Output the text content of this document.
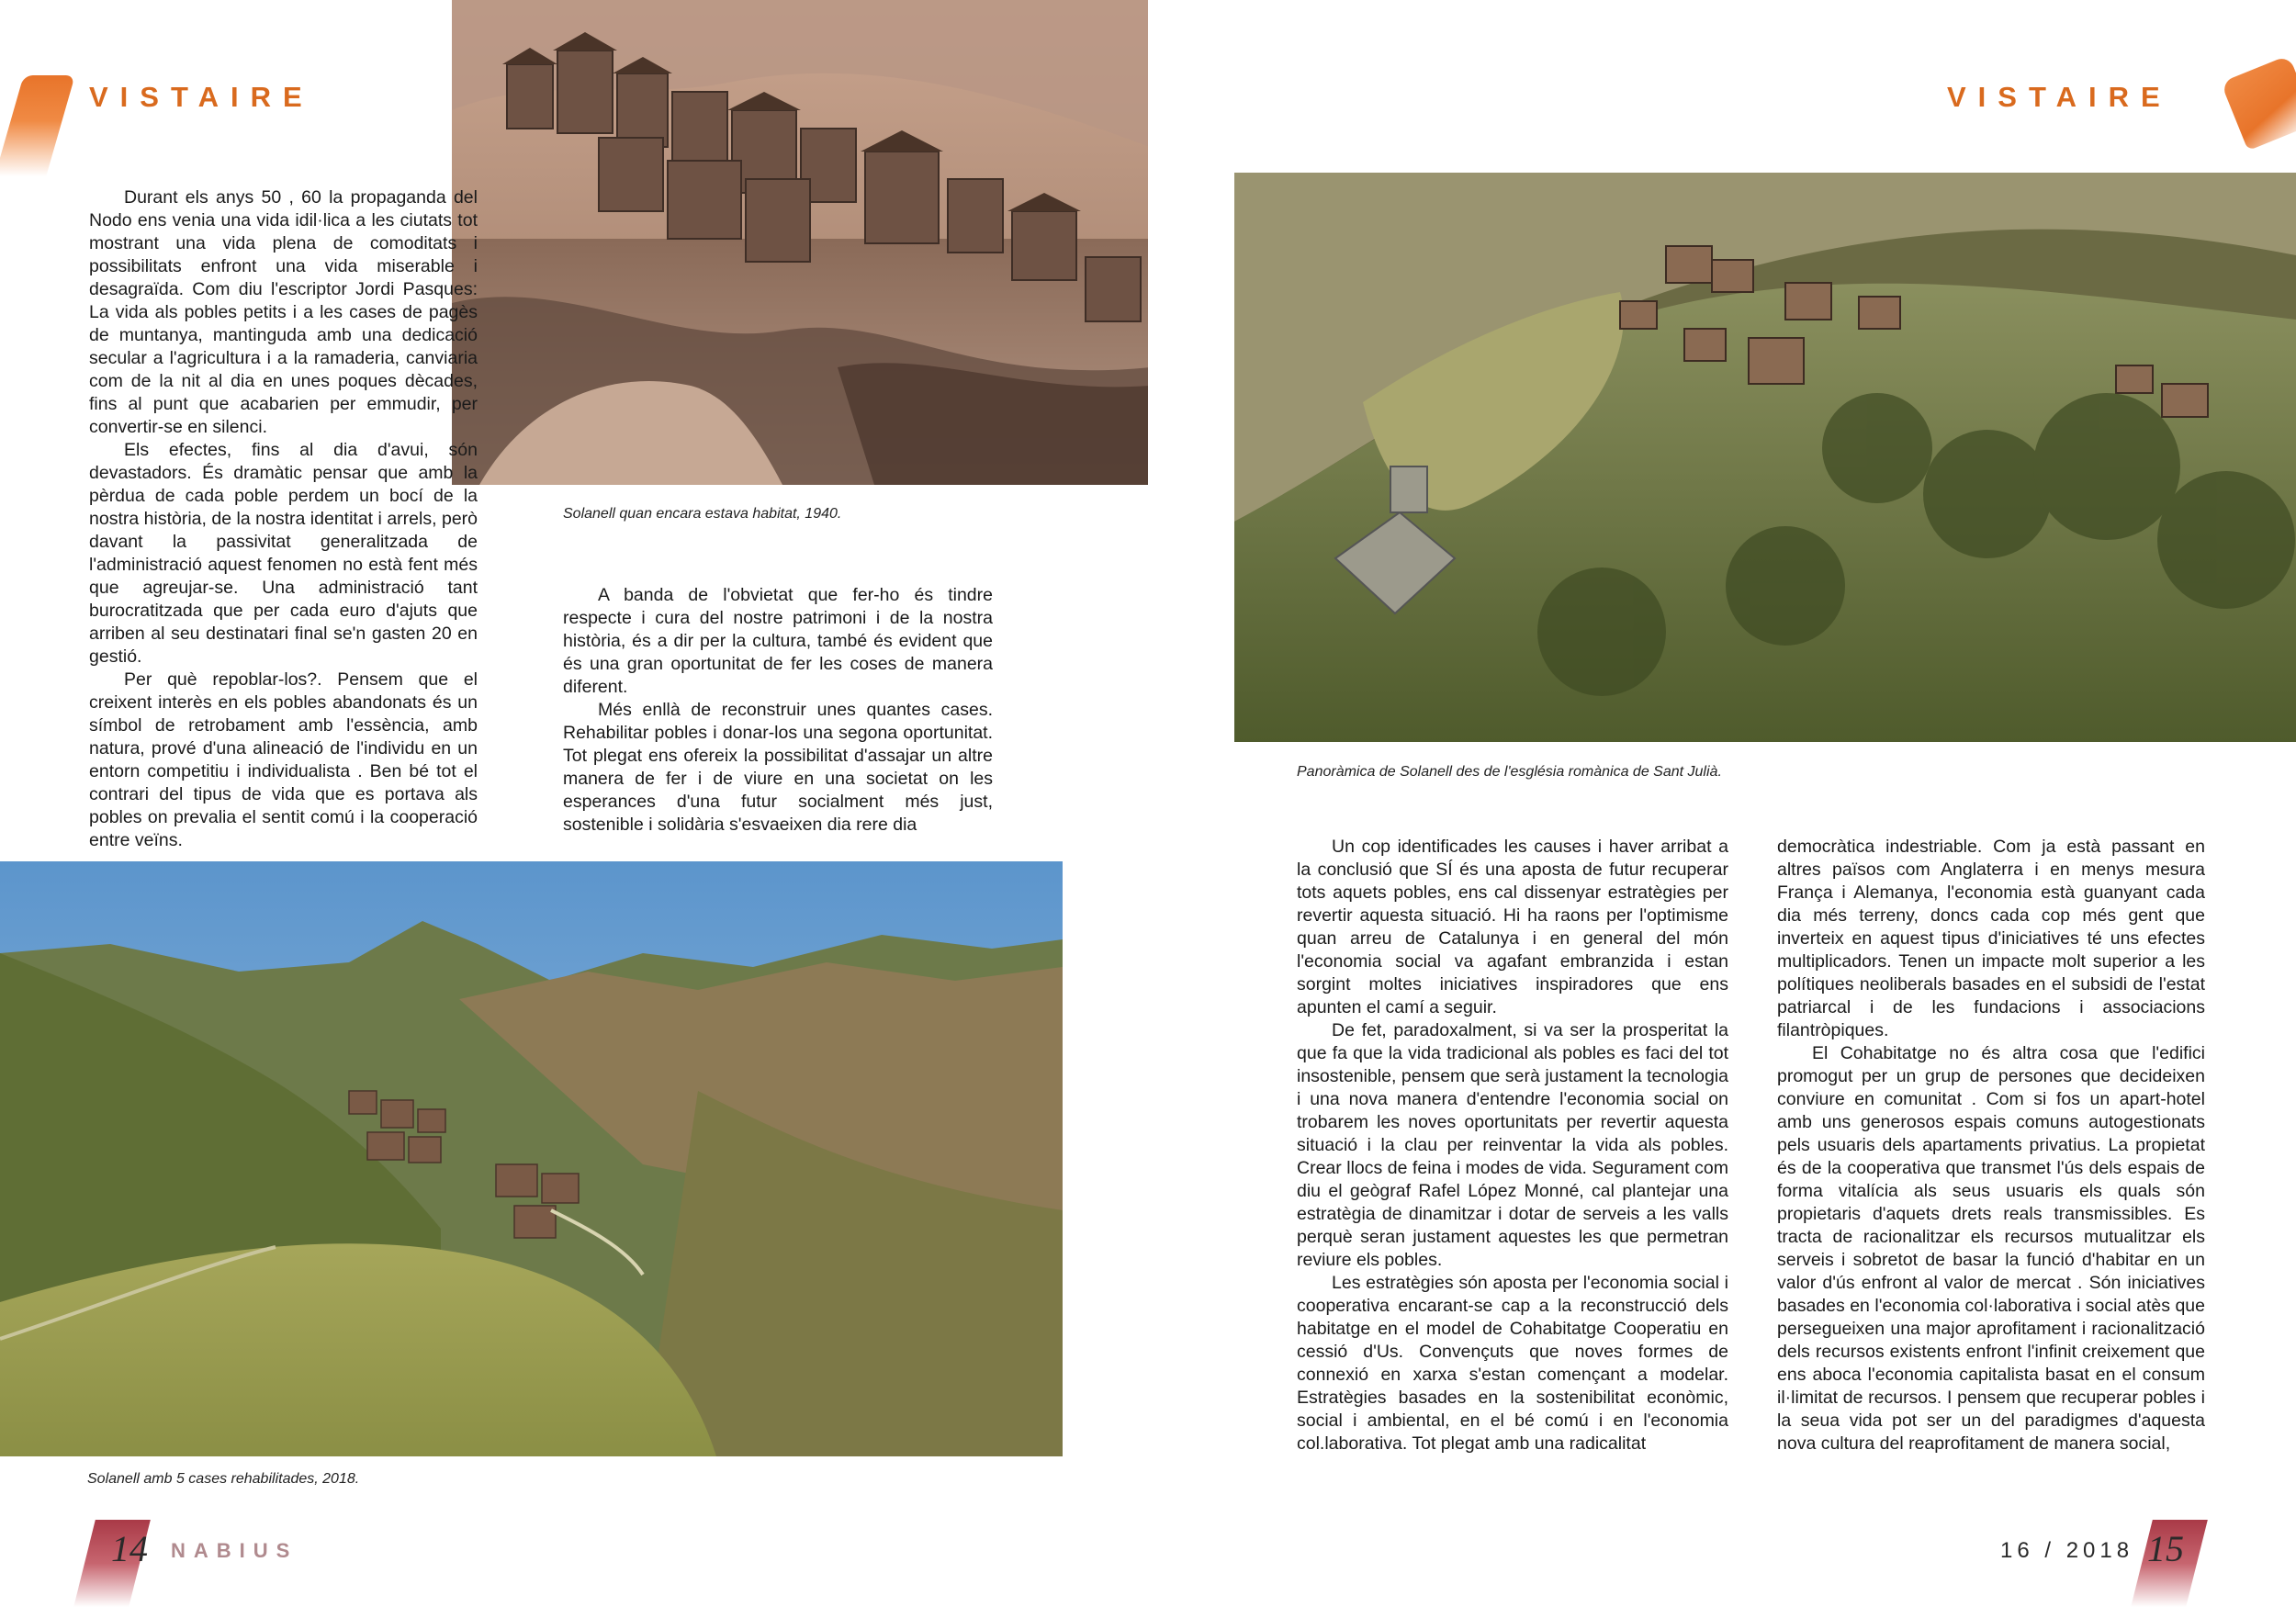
VISTAIRE
Solanell quan encara estava habitat, 1940.

Durant els anys 50 , 60 la propaganda del Nodo ens venia una vida idil·lica a les ciutats tot mostrant una vida plena de comoditats i possibilitats enfront una vida miserable i desagraïda. Com diu l'escriptor Jordi Pasques: La vida als pobles petits i a les cases de pagès de muntanya, mantinguda amb una dedicació secular a l'agricultura i a la ramaderia, canviaria com de la nit al dia en unes poques dècades, fins al punt que acabarien per emmudir, per convertir-se en silenci.

Els efectes, fins al dia d'avui, són devastadors. És dramàtic pensar que amb la pèrdua de cada poble perdem un bocí de la nostra història, de la nostra identitat i arrels, però davant la passivitat generalitzada de l'administració aquest fenomen no està fent més que agreujar-se. Una administració tant burocratitzada que per cada euro d'ajuts que arriben al seu destinatari final se'n gasten 20 en gestió.

Per què repoblar-los?. Pensem que el creixent interès en els pobles abandonats és un símbol de retrobament amb l'essència, amb natura, prové d'una alineació de l'individu en un entorn competitiu i individualista . Ben bé tot el contrari del tipus de vida que es portava als pobles on prevalia el sentit comú i la cooperació entre veïns.

A banda de l'obvietat que fer-ho és tindre respecte i cura del nostre patrimoni i de la nostra història, és a dir per la cultura, també és evident que és una gran oportunitat de fer les coses de manera diferent.

Més enllà de reconstruir unes quantes cases. Rehabilitar pobles i donar-los una segona oportunitat. Tot plegat ens ofereix la possibilitat d'assajar un altre manera de fer i de viure en una societat on les esperances d'una futur socialment més just, sostenible i solidària s'esvaeixen dia rere dia

Solanell amb 5 cases rehabilitades, 2018.
14 NABIUS
VISTAIRE
Panoràmica de Solanell des de l'església romànica de Sant Julià.

Un cop identificades les causes i haver arribat a la conclusió que SÍ és una aposta de futur recuperar tots aquets pobles, ens cal dissenyar estratègies per revertir aquesta situació. Hi ha raons per l'optimisme quan arreu de Catalunya i en general del món l'economia social va agafant embranzida i estan sorgint moltes iniciatives inspiradores que ens apunten el camí a seguir.

De fet, paradoxalment, si va ser la prosperitat la que fa que la vida tradicional als pobles es faci del tot insostenible, pensem que serà justament la tecnologia i una nova manera d'entendre l'economia social on trobarem les noves oportunitats per revertir aquesta situació i la clau per reinventar la vida als pobles. Crear llocs de feina i modes de vida. Segurament com diu el geògraf Rafel López Monné, cal plantejar una estratègia de dinamitzar i dotar de serveis a les valls perquè seran justament aquestes les que permetran reviure els pobles.

Les estratègies són aposta per l'economia social i cooperativa encarant-se cap a la reconstrucció dels habitatge en el model de Cohabitatge Cooperatiu en cessió d'Us. Convençuts que noves formes de connexió en xarxa s'estan començant a modelar. Estratègies basades en la sostenibilitat econòmic, social i ambiental, en el bé comú i en l'economia col.laborativa. Tot plegat amb una radicalitat

democràtica indestriable. Com ja està passant en altres països com Anglaterra i en menys mesura França i Alemanya, l'economia està guanyant cada dia més terreny, doncs cada cop més gent que inverteix en aquest tipus d'iniciatives té uns efectes multiplicadors. Tenen un impacte molt superior a les polítiques neoliberals basades en el subsidi de l'estat patriarcal i de les fundacions i associacions filantròpiques.

El Cohabitatge no és altra cosa que l'edifici promogut per un grup de persones que decideixen conviure en comunitat . Com si fos un apart-hotel amb uns generosos espais comuns autogestionats pels usuaris dels apartaments privatius. La propietat és de la cooperativa que transmet l'ús dels espais de forma vitalícia als seus usuaris els quals són propietaris d'aquets drets reals transmissibles. Es tracta de racionalitzar els recursos mutualitzar els serveis i sobretot de basar la funció d'habitar en un valor d'ús enfront al valor de mercat . Són iniciatives basades en l'economia col·laborativa i social atès que persegueixen una major aprofitament i racionalització dels recursos existents enfront l'infinit creixement que ens aboca l'economia capitalista basat en el consum il·limitat de recursos. I pensem que recuperar pobles i la seua vida pot ser un del paradigmes d'aquesta nova cultura del reaprofitament de manera social,

16 / 2018 15
